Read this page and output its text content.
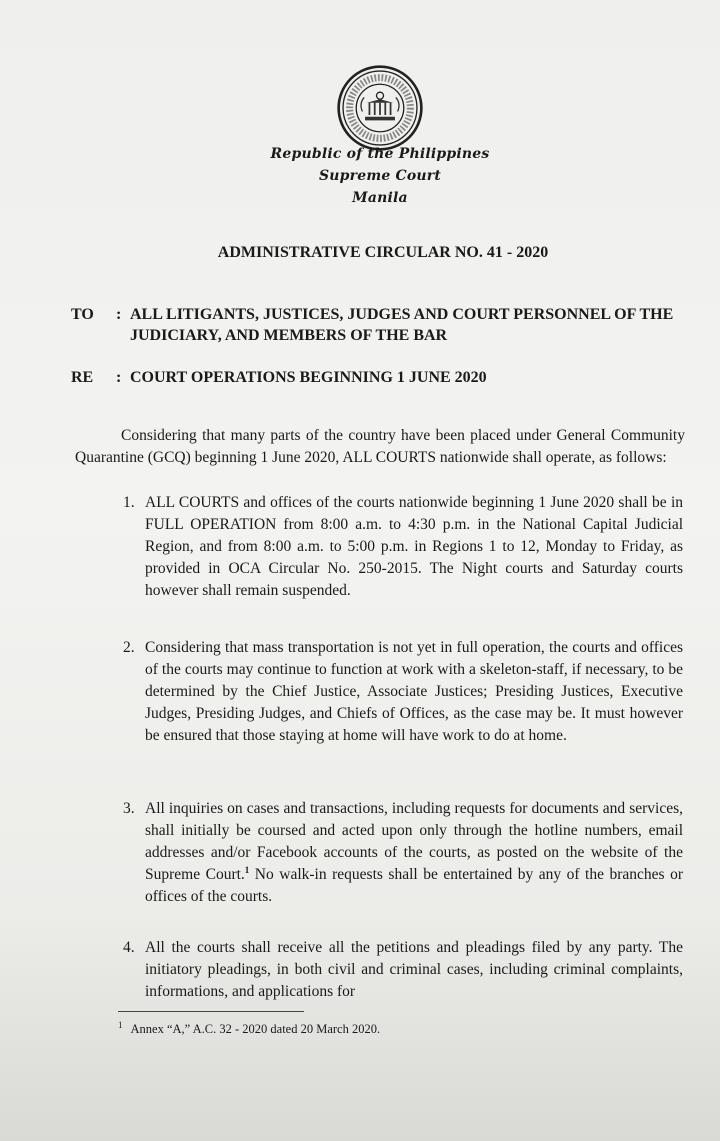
Republic of the Philippines
Supreme Court
Manila
ADMINISTRATIVE CIRCULAR NO. 41 - 2020
TO : ALL LITIGANTS, JUSTICES, JUDGES AND COURT PERSONNEL OF THE JUDICIARY, AND MEMBERS OF THE BAR
RE : COURT OPERATIONS BEGINNING 1 JUNE 2020
Considering that many parts of the country have been placed under General Community Quarantine (GCQ) beginning 1 June 2020, ALL COURTS nationwide shall operate, as follows:
1. ALL COURTS and offices of the courts nationwide beginning 1 June 2020 shall be in FULL OPERATION from 8:00 a.m. to 4:30 p.m. in the National Capital Judicial Region, and from 8:00 a.m. to 5:00 p.m. in Regions 1 to 12, Monday to Friday, as provided in OCA Circular No. 250-2015. The Night courts and Saturday courts however shall remain suspended.
2. Considering that mass transportation is not yet in full operation, the courts and offices of the courts may continue to function at work with a skeleton-staff, if necessary, to be determined by the Chief Justice, Associate Justices; Presiding Justices, Executive Judges, Presiding Judges, and Chiefs of Offices, as the case may be. It must however be ensured that those staying at home will have work to do at home.
3. All inquiries on cases and transactions, including requests for documents and services, shall initially be coursed and acted upon only through the hotline numbers, email addresses and/or Facebook accounts of the courts, as posted on the website of the Supreme Court.$^1$ No walk-in requests shall be entertained by any of the branches or offices of the courts.
4. All the courts shall receive all the petitions and pleadings filed by any party. The initiatory pleadings, in both civil and criminal cases, including criminal complaints, informations, and applications for
$^1$ Annex “A,” A.C. 32 - 2020 dated 20 March 2020.
